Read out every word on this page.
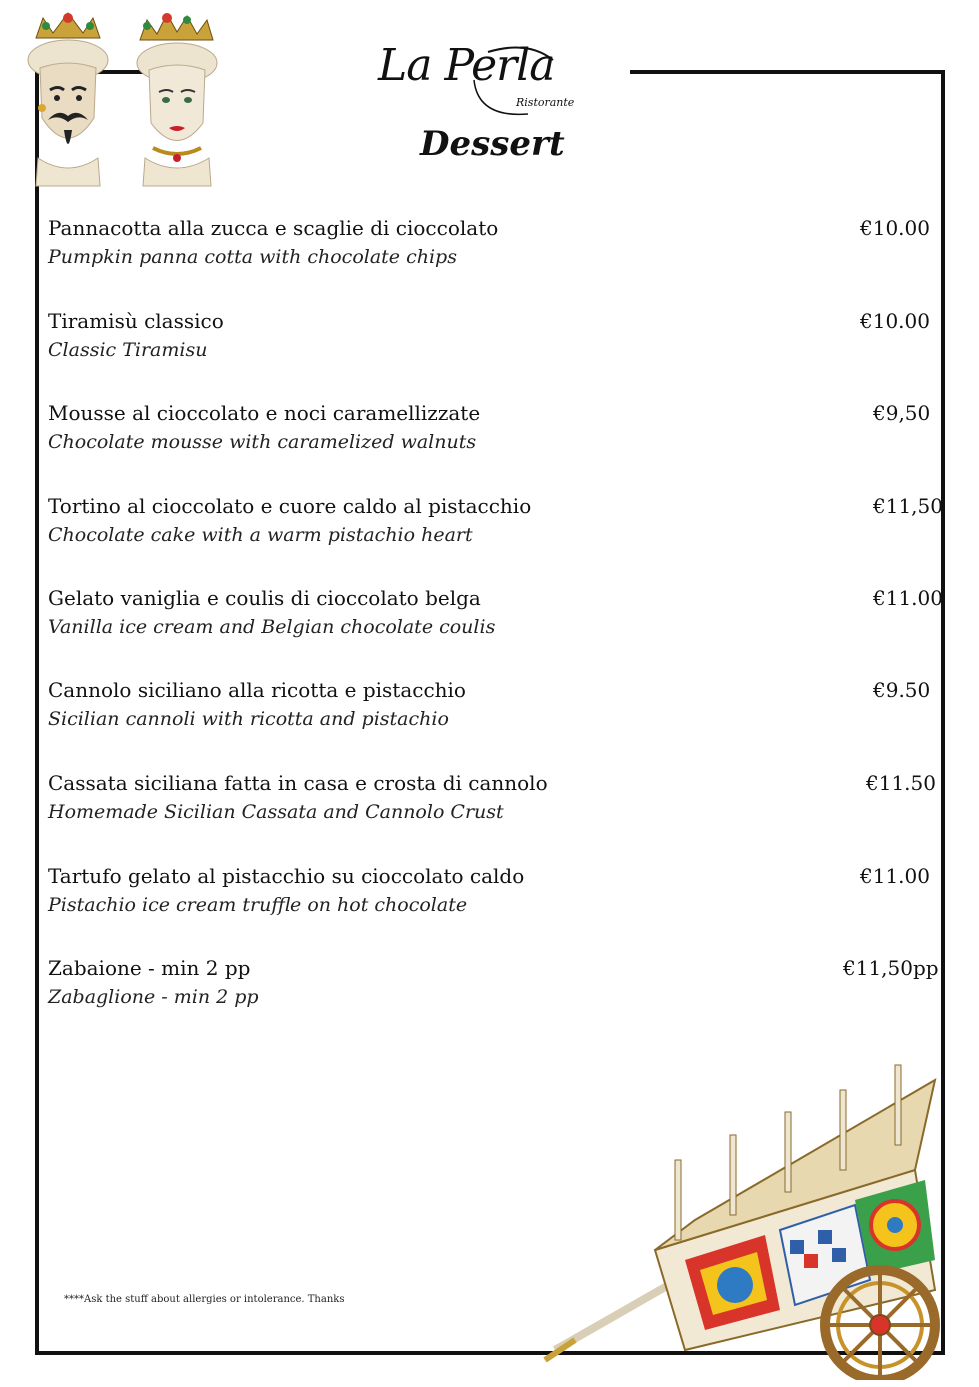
La Perla
Ristorante
Dessert
Pannacotta alla zucca e scaglie di cioccolato
Pumpkin panna cotta with chocolate chips
€10.00
Tiramisù classico
Classic Tiramisu
€10.00
Mousse al cioccolato e noci caramellizzate
Chocolate mousse with caramelized walnuts
€9,50
Tortino al cioccolato e cuore caldo al pistacchio
Chocolate cake with a warm pistachio heart
€11,50
Gelato vaniglia e coulis di cioccolato belga
Vanilla ice cream and Belgian chocolate coulis
€11.00
Cannolo siciliano alla ricotta e pistacchio
Sicilian cannoli with ricotta and pistachio
€9.50
Cassata siciliana fatta in casa e crosta di cannolo
Homemade Sicilian Cassata and Cannolo Crust
€11.50
Tartufo gelato al pistacchio su cioccolato caldo
Pistachio ice cream truffle on hot chocolate
€11.00
Zabaione - min 2 pp
Zabaglione - min 2 pp
€11,50pp
****Ask the stuff about allergies or intolerance. Thanks
